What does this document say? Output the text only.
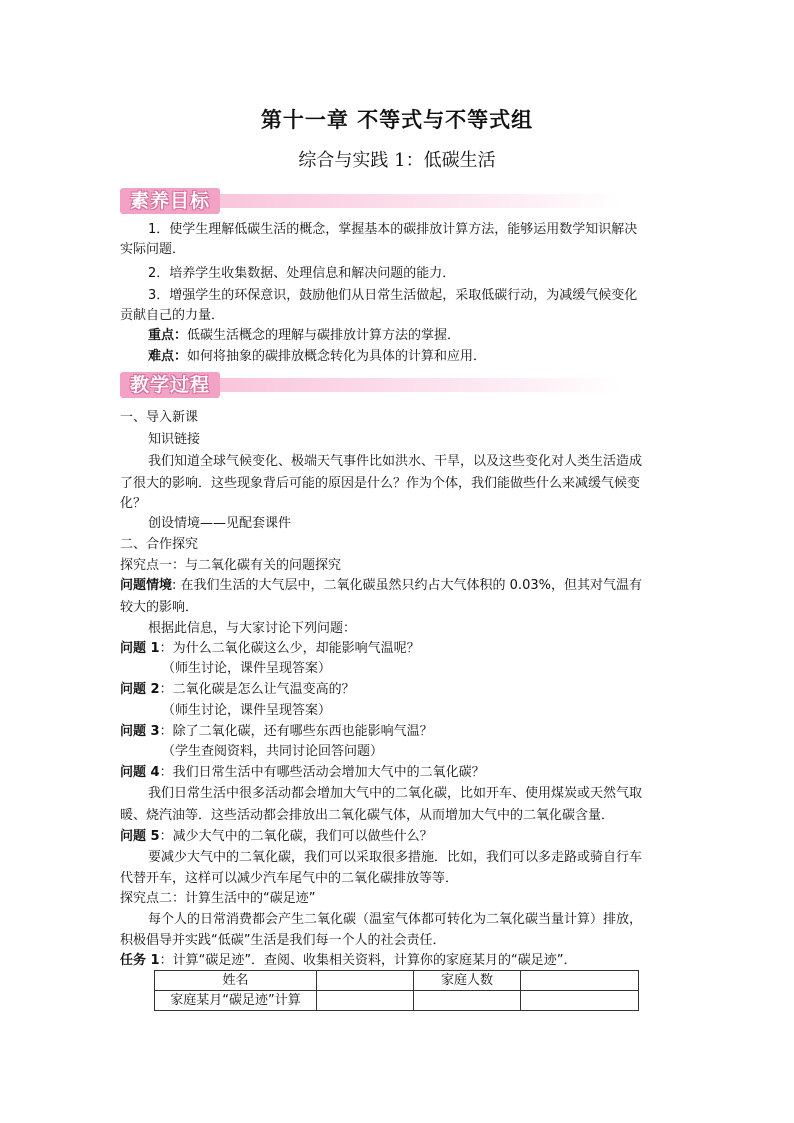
第十一章 不等式与不等式组
综合与实践 1：低碳生活
素养目标
1．使学生理解低碳生活的概念，掌握基本的碳排放计算方法，能够运用数学知识解决
实际问题．
2．培养学生收集数据、处理信息和解决问题的能力．
3．增强学生的环保意识，鼓励他们从日常生活做起，采取低碳行动，为减缓气候变化
贡献自己的力量．
重点：低碳生活概念的理解与碳排放计算方法的掌握．
难点：如何将抽象的碳排放概念转化为具体的计算和应用．
教学过程
一、导入新课
知识链接
我们知道全球气候变化、极端天气事件比如洪水、干旱，以及这些变化对人类生活造成
了很大的影响．这些现象背后可能的原因是什么？作为个体，我们能做些什么来减缓气候变
化？
创设情境——见配套课件
二、合作探究
探究点一：与二氧化碳有关的问题探究
问题情境: 在我们生活的大气层中，二氧化碳虽然只约占大气体积的 0.03%，但其对气温有
较大的影响．
根据此信息，与大家讨论下列问题：
问题 1：为什么二氧化碳这么少，却能影响气温呢？
（师生讨论，课件呈现答案）
问题 2：二氧化碳是怎么让气温变高的？
（师生讨论，课件呈现答案）
问题 3：除了二氧化碳，还有哪些东西也能影响气温？
（学生查阅资料，共同讨论回答问题）
问题 4：我们日常生活中有哪些活动会增加大气中的二氧化碳？
我们日常生活中很多活动都会增加大气中的二氧化碳，比如开车、使用煤炭或天然气取
暖、烧汽油等．这些活动都会排放出二氧化碳气体，从而增加大气中的二氧化碳含量．
问题 5：减少大气中的二氧化碳，我们可以做些什么？
要减少大气中的二氧化碳，我们可以采取很多措施．比如，我们可以多走路或骑自行车
代替开车，这样可以减少汽车尾气中的二氧化碳排放等等．
探究点二：计算生活中的“碳足迹”
每个人的日常消费都会产生二氧化碳（温室气体都可转化为二氧化碳当量计算）排放，
积极倡导并实践“低碳”生活是我们每一个人的社会责任．
任务 1：计算“碳足迹”．查阅、收集相关资料，计算你的家庭某月的“碳足迹”．
姓名		家庭人数	
家庭某月“碳足迹”计算			
